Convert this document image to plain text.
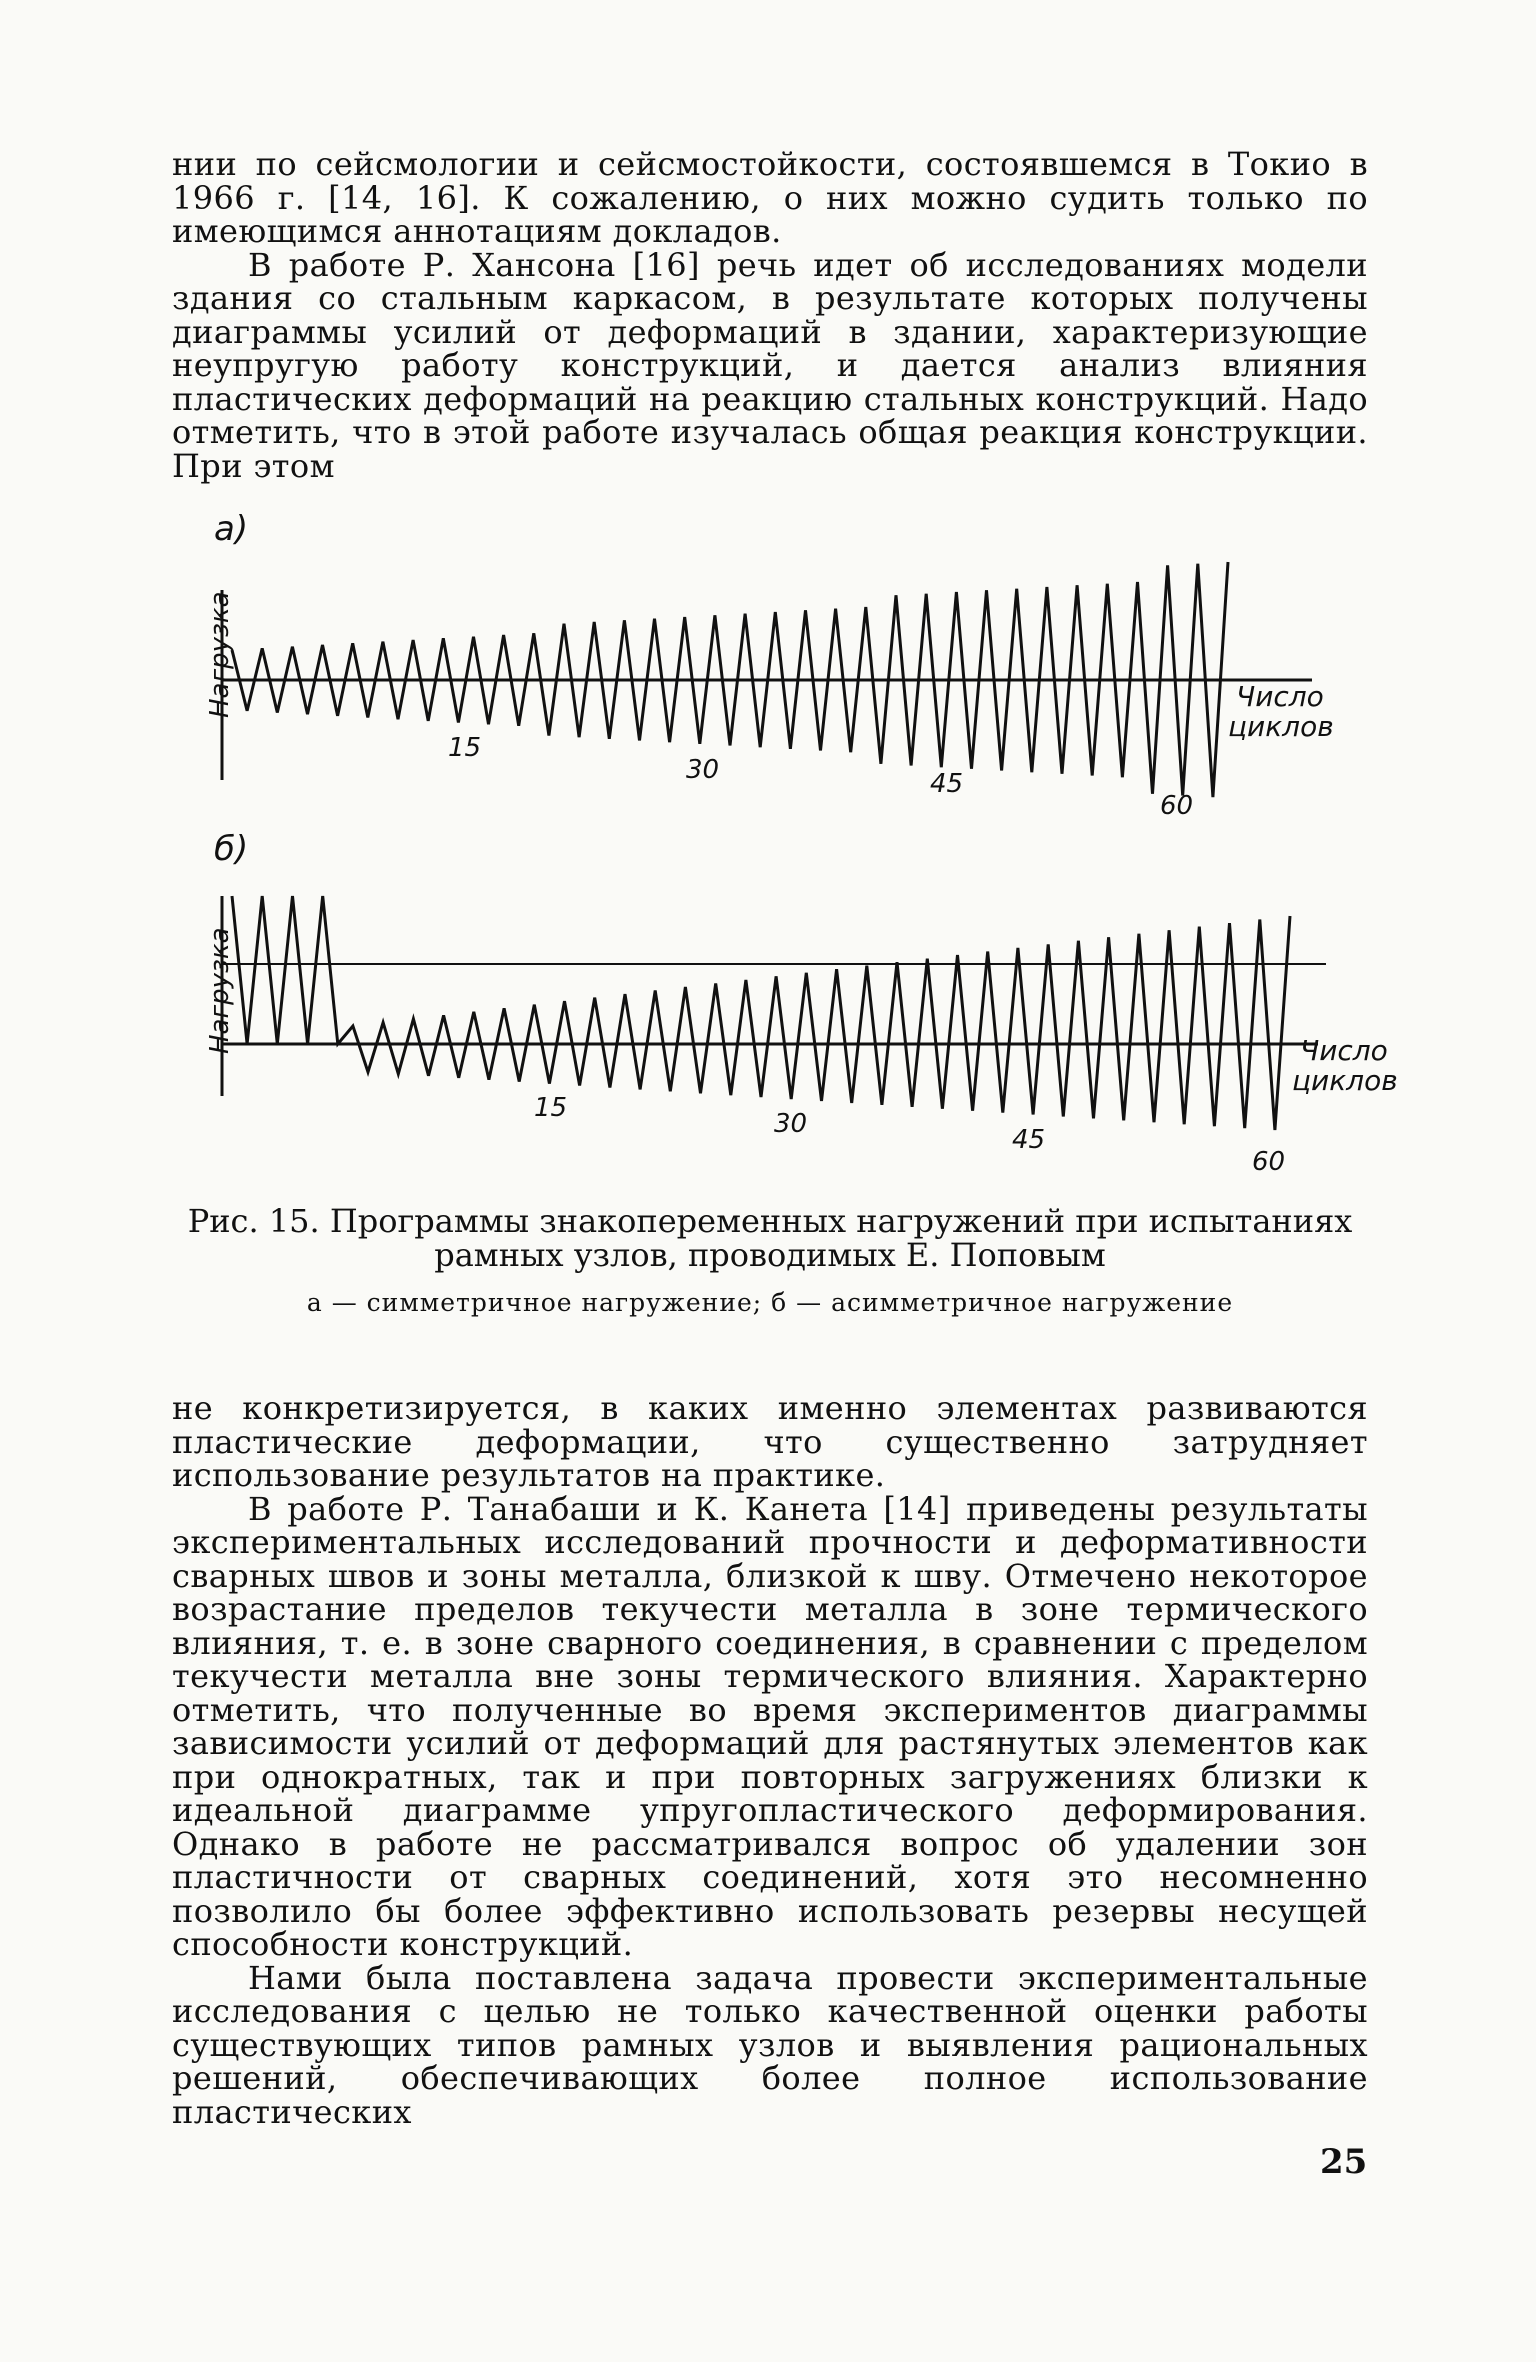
нии по сейсмологии и сейсмостойкости, состоявшемся в Токио в 1966 г. [14, 16]. К сожалению, о них можно судить только по имеющимся аннотациям докладов.

В работе Р. Хансона [16] речь идет об исследованиях модели здания со стальным каркасом, в результате которых получены диаграммы усилий от деформаций в здании, характеризующие неупругую работу конструкций, и дается анализ влияния пластических деформаций на реакцию стальных конструкций. Надо отметить, что в этой работе изучалась общая реакция конструкции. При этом

а)
Нагрузка	Число
циклов
15
30	45
60
б)
Нагрузка	Число
циклов
15
30
45
60
Рис. 15. Программы знакопеременных нагружений при испытаниях рамных узлов, проводимых Е. Поповым
а — симметричное нагружение; б — асимметричное нагружение

не конкретизируется, в каких именно элементах развиваются пластические деформации, что существенно затрудняет использование результатов на практике.

В работе Р. Танабаши и К. Канета [14] приведены результаты экспериментальных исследований прочности и деформативности сварных швов и зоны металла, близкой к шву. Отмечено некоторое возрастание пределов текучести металла в зоне термического влияния, т. е. в зоне сварного соединения, в сравнении с пределом текучести металла вне зоны термического влияния. Характерно отметить, что полученные во время экспериментов диаграммы зависимости усилий от деформаций для растянутых элементов как при однократных, так и при повторных загружениях близки к идеальной диаграмме упругопластического деформирования. Однако в работе не рассматривался вопрос об удалении зон пластичности от сварных соединений, хотя это несомненно позволило бы более эффективно использовать резервы несущей способности конструкций.

Нами была поставлена задача провести экспериментальные исследования с целью не только качественной оценки работы существующих типов рамных узлов и выявления рациональных решений, обеспечивающих более полное использование пластических

25
